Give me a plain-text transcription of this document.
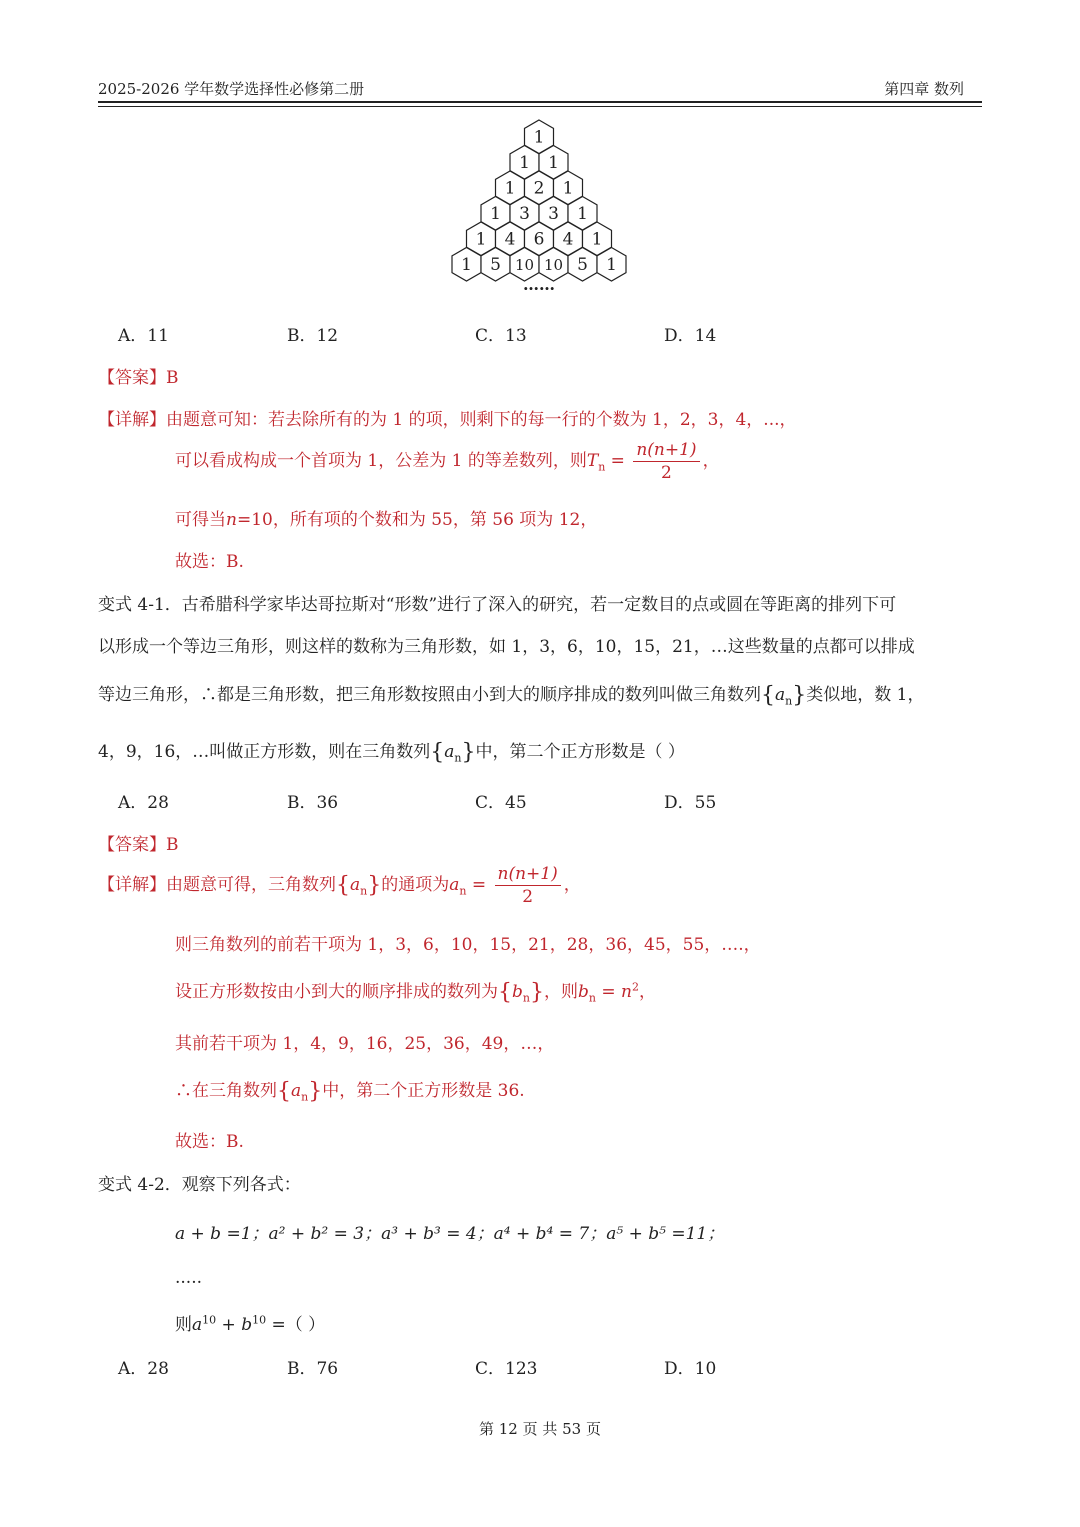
2025-2026 学年数学选择性必修第二册	第四章 数列
1
1 1
1 2 1
1 3 3 1
1 4 6 4 1
1 5 10 10 5 1
……
A．11	B．12	C．13	D．14
【答案】B
【详解】由题意可知：若去除所有的为 1 的项，则剩下的每一行的个数为 1，2，3，4，...，
可以看成构成一个首项为 1，公差为 1 的等差数列，则$T_n = \frac{n(n+1)}{2}$ ，
可得当n=10，所有项的个数和为 55，第 56 项为 12，
故选：B.
变式 4-1．古希腊科学家毕达哥拉斯对“形数”进行了深入的研究，若一定数目的点或圆在等距离的排列下可
以形成一个等边三角形，则这样的数称为三角形数，如 1，3，6，10，15，21，…这些数量的点都可以排成
等边三角形，∴都是三角形数，把三角形数按照由小到大的顺序排成的数列叫做三角数列$\{a_n\}$类似地，数 1，
4，9，16，…叫做正方形数，则在三角数列$\{a_n\}$中，第二个正方形数是（ ）
A．28	B．36	C．45	D．55
【答案】B
【详解】由题意可得，三角数列$\{a_n\}$的通项为$a_n = \frac{n(n+1)}{2}$ ，
则三角数列的前若干项为 1，3，6，10，15，21，28，36，45，55，….，
设正方形数按由小到大的顺序排成的数列为$\{b_n\}$，则$b_n = n^2$，
其前若干项为 1，4，9，16，25，36，49，…，
∴在三角数列$\{a_n\}$中，第二个正方形数是 36.
故选：B.
变式 4-2．观察下列各式：
a + b =1；a² + b² = 3；a³ + b³ = 4；a⁴ + b⁴ = 7；a⁵ + b⁵ =11；
.....
则$a^{10} + b^{10}$ =（ ）
A．28	B．76	C．123	D．10
第 12 页 共 53 页
